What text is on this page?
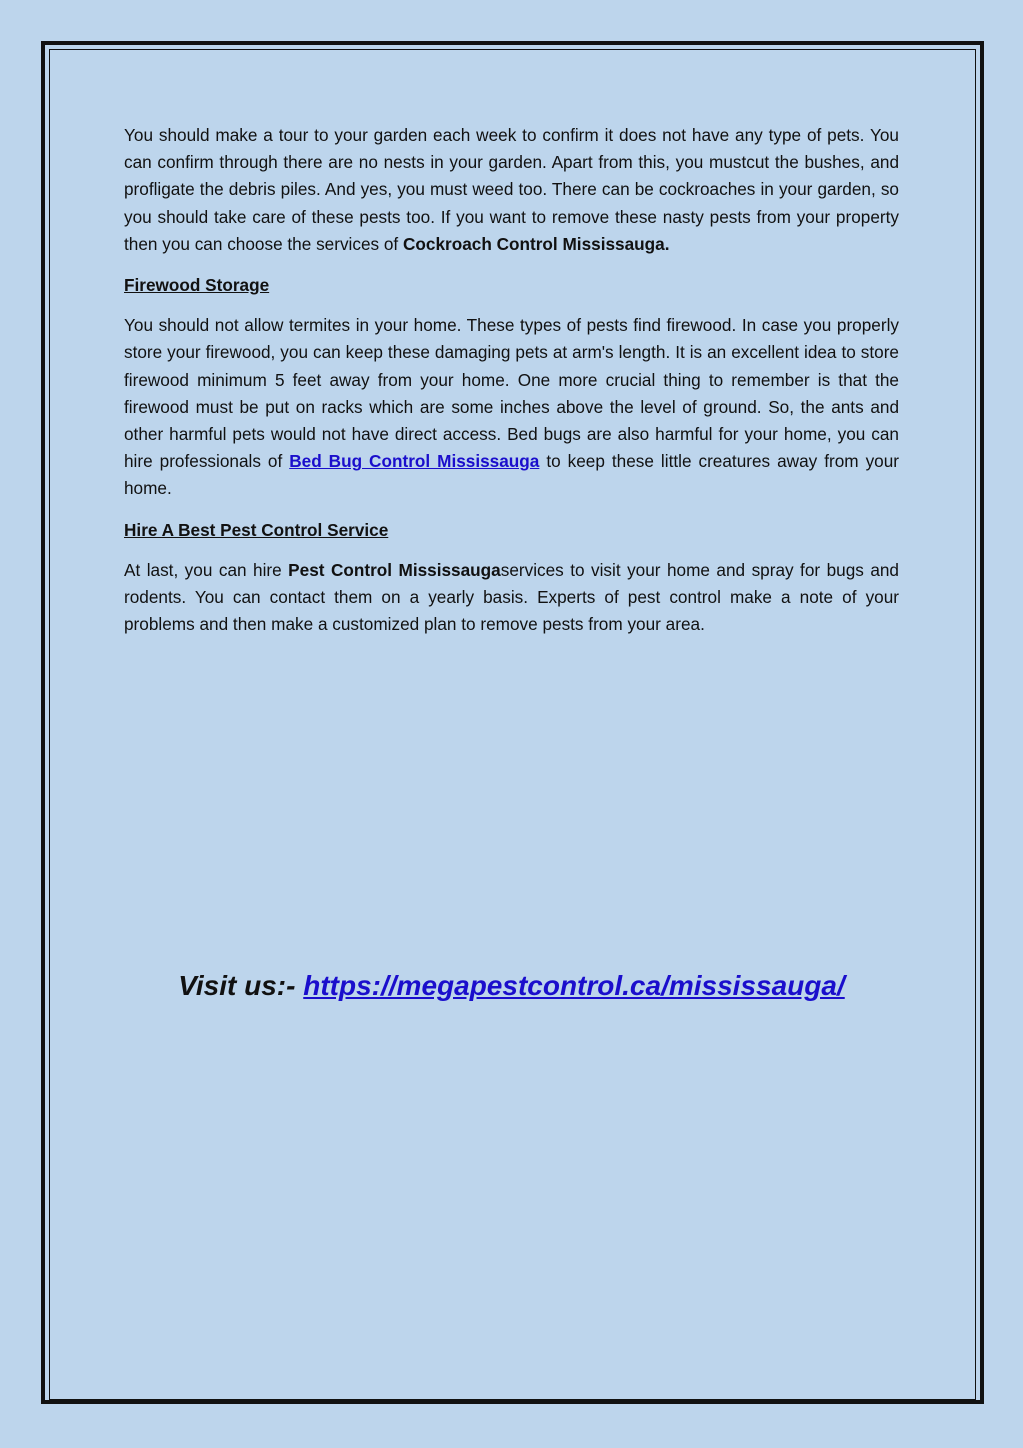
You should make a tour to your garden each week to confirm it does not have any type of pets. You can confirm through there are no nests in your garden. Apart from this, you mustcut the bushes, and profligate the debris piles. And yes, you must weed too. There can be cockroaches in your garden, so you should take care of these pests too. If you want to remove these nasty pests from your property then you can choose the services of Cockroach Control Mississauga.

Firewood Storage

You should not allow termites in your home. These types of pests find firewood. In case you properly store your firewood, you can keep these damaging pets at arm's length. It is an excellent idea to store firewood minimum 5 feet away from your home. One more crucial thing to remember is that the firewood must be put on racks which are some inches above the level of ground. So, the ants and other harmful pets would not have direct access. Bed bugs are also harmful for your home, you can hire professionals of Bed Bug Control Mississauga to keep these little creatures away from your home.

Hire A Best Pest Control Service

At last, you can hire Pest Control Mississaugaservices to visit your home and spray for bugs and rodents. You can contact them on a yearly basis. Experts of pest control make a note of your problems and then make a customized plan to remove pests from your area.

Visit us:- https://megapestcontrol.ca/mississauga/
